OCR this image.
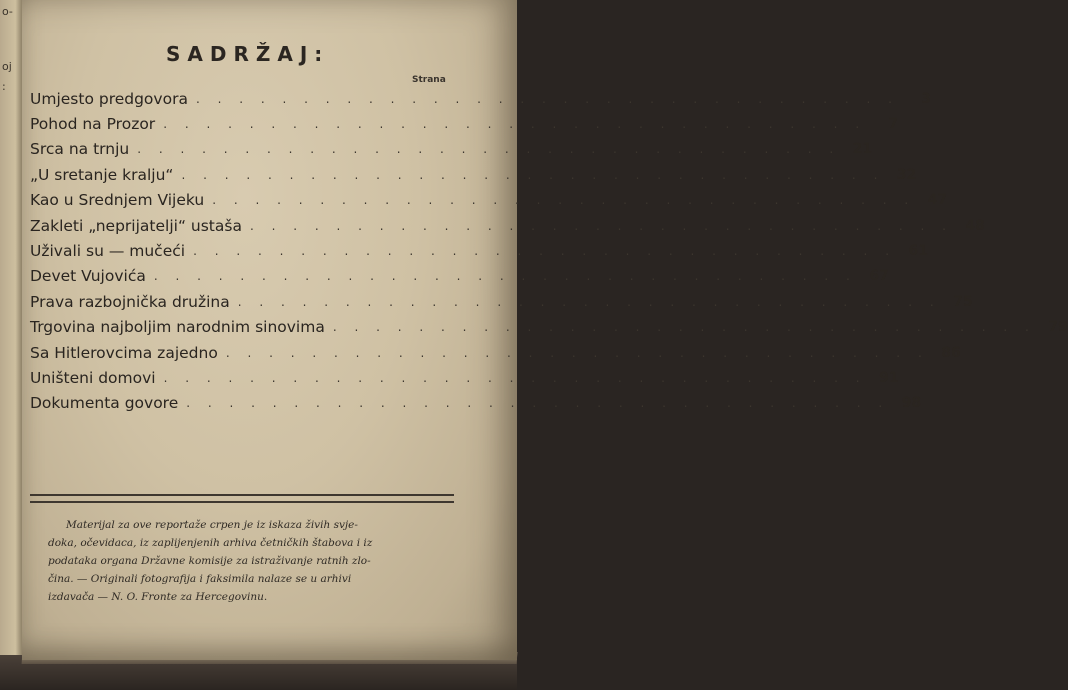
o-
oj
:
SADRŽAJ:
Strana
Umjesto predgovora . . . . . . . . . . . . . . . . . . . . . . . . . . . . . . . . .	3
Pohod na Prozor . . . . . . . . . . . . . . . . . . . . . . . . . . . . . . . . .	7
Srca na trnju . . . . . . . . . . . . . . . . . . . . . . . . . . . . . . . . . 21
„U sretanje kralju“ . . . . . . . . . . . . . . . . . . . . . . . . . . . . . . . . . 32
Kao u Srednjem Vijeku . . . . . . . . . . . . . . . . . . . . . . . . . . . . . . . . . 47
Zakleti „neprijatelji“ ustaša . . . . . . . . . . . . . . . . . . . . . . . . . . . . . . . . . 48
Uživali su — mučeći . . . . . . . . . . . . . . . . . . . . . . . . . . . . . . . . . 61
Devet Vujovića . . . . . . . . . . . . . . . . . . . . . . . . . . . . . . . . . 67
Prava razbojnička družina . . . . . . . . . . . . . . . . . . . . . . . . . . . . . . . . . 75
Trgovina najboljim narodnim sinovima . . . . . . . . . . . . . . . . . . . . . . . . . . . . . . . . . 79
Sa Hitlerovcima zajedno . . . . . . . . . . . . . . . . . . . . . . . . . . . . . . . . . 86
Uništeni domovi . . . . . . . . . . . . . . . . . . . . . . . . . . . . . . . . . 91
Dokumenta govore . . . . . . . . . . . . . . . . . . . . . . . . . . . . . . . . . 98

Materijal za ove reportaže crpen je iz iskaza živih svje-
doka, očevidaca, iz zaplijenjenih arhiva četničkih štabova i iz
podataka organa Državne komisije za istraživanje ratnih zlo-
čina. — Originali fotografija i faksimila nalaze se u arhivi
izdavača — N. O. Fronte za Hercegovinu.
